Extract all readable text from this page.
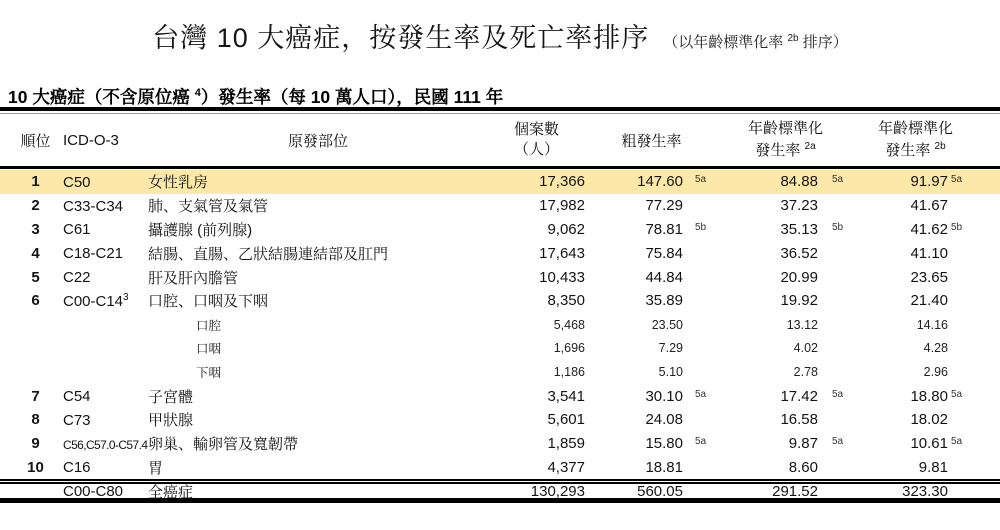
台灣 10 大癌症，按發生率及死亡率排序 （以年齡標準化率 $^{2b}$ 排序）
10 大癌症（不含原位癌 $^4$）發生率（每 10 萬人口），民國 111 年
順位 ICD-O-3	原發部位
個案數
（人）	粗發生率
年齡標準化
發生率 $^{2a}$
年齡標準化
發生率 $^{2b}$
1	C50	女性乳房	17,366	147.60	5a	84.88	5a	91.97 5a
2	C33-C34	肺、支氣管及氣管	17,982	77.29	37.23	41.67
3	C61	攝護腺 (前列腺)	9,062	78.81	5b	35.13	5b	41.62 5b
4	C18-C21	結腸、直腸、乙狀結腸連結部及肛門	17,643	75.84	36.52	41.10
5	C22	肝及肝內膽管	10,433	44.84	20.99	23.65
6	$C00-C14^3$	口腔、口咽及下咽	8,350	35.89	19.92	21.40
口腔	5,468	23.50	13.12	14.16
口咽	1,696	7.29	4.02	4.28
下咽	1,186	5.10	2.78	2.96
7	C54	子宮體	3,541	30.10	5a	17.42	5a	18.80 5a
8	C73	甲狀腺	5,601	24.08	16.58	18.02
9	C56,C57.0-C57.4 卵巢、輸卵管及寬韌帶	1,859	15.80	5a	9.87	5a	10.61 5a
10	C16	胃	4,377	18.81	8.60	9.81
C00-C80	全癌症	130,293	560.05	291.52	323.30
